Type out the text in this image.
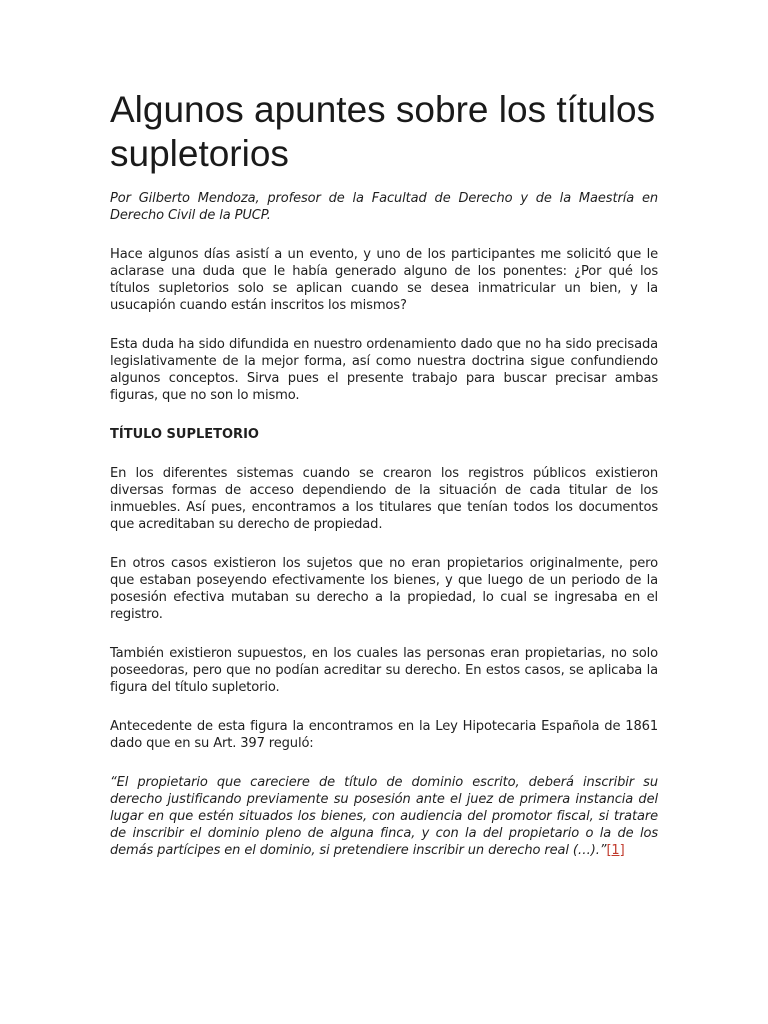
Algunos apuntes sobre los títulos supletorios

Por Gilberto Mendoza, profesor de la Facultad de Derecho y de la Maestría en Derecho Civil de la PUCP.

Hace algunos días asistí a un evento, y uno de los participantes me solicitó que le aclarase una duda que le había generado alguno de los ponentes: ¿Por qué los títulos supletorios solo se aplican cuando se desea inmatricular un bien, y la usucapión cuando están inscritos los mismos?

Esta duda ha sido difundida en nuestro ordenamiento dado que no ha sido precisada legislativamente de la mejor forma, así como nuestra doctrina sigue confundiendo algunos conceptos. Sirva pues el presente trabajo para buscar precisar ambas figuras, que no son lo mismo.

TÍTULO SUPLETORIO

En los diferentes sistemas cuando se crearon los registros públicos existieron diversas formas de acceso dependiendo de la situación de cada titular de los inmuebles. Así pues, encontramos a los titulares que tenían todos los documentos que acreditaban su derecho de propiedad.

En otros casos existieron los sujetos que no eran propietarios originalmente, pero que estaban poseyendo efectivamente los bienes, y que luego de un periodo de la posesión efectiva mutaban su derecho a la propiedad, lo cual se ingresaba en el registro.

También existieron supuestos, en los cuales las personas eran propietarias, no solo poseedoras, pero que no podían acreditar su derecho. En estos casos, se aplicaba la figura del título supletorio.

Antecedente de esta figura la encontramos en la Ley Hipotecaria Española de 1861 dado que en su Art. 397 reguló:

“El propietario que careciere de título de dominio escrito, deberá inscribir su derecho justificando previamente su posesión ante el juez de primera instancia del lugar en que estén situados los bienes, con audiencia del promotor fiscal, si tratare de inscribir el dominio pleno de alguna finca, y con la del propietario o la de los demás partícipes en el dominio, si pretendiere inscribir un derecho real (…).”[1]
